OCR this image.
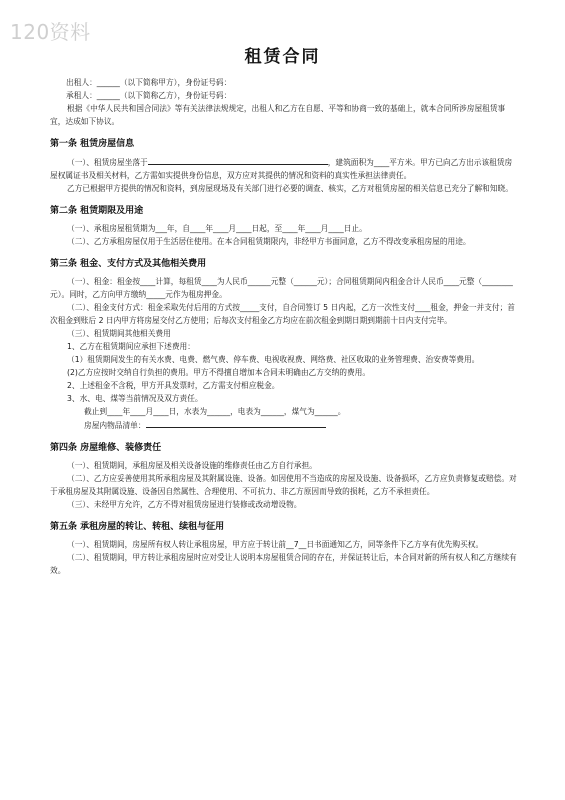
120资料
租赁合同

出租人：______（以下简称甲方），身份证号码：

承租人：______（以下简称乙方），身份证号码：

根据《中华人民共和国合同法》等有关法律法规规定，出租人和乙方在自愿、平等和协商一致的基础上，就本合同所涉房屋租赁事宜，达成如下协议。

第一条 租赁房屋信息

（一）、租赁房屋坐落于	，建筑面积为____平方米。甲方已向乙方出示该租赁房屋权属证书及相关材料，乙方需如实提供身份信息，双方应对其提供的情况和资料的真实性承担法律责任。

乙方已根据甲方提供的情况和资料，到房屋现场及有关部门进行必要的调查、核实，乙方对租赁房屋的相关信息已充分了解和知晓。

第二条 租赁期限及用途

（一）、承租房屋租赁期为___年，自____年____月____日起，至____年____月____日止。

（二）、乙方承租房屋仅用于生活居住使用。在本合同租赁期限内，非经甲方书面同意，乙方不得改变承租房屋的用途。

第三条 租金、支付方式及其他相关费用

（一）、租金：租金按____计算，每租赁____为人民币______元整（______元）；合同租赁期间内租金合计人民币____元整（________元）。同时，乙方向甲方缴纳_____元作为租房押金。

（二）、租金支付方式：租金采取先付后用的方式按_____支付，自合同签订 5 日内起，乙方一次性支付____租金，押金一并支付；首次租金到账后 2 日内甲方将房屋交付乙方使用；后每次支付租金乙方均应在前次租金到期日期到期前十日内支付完毕。

（三）、租赁期间其他相关费用

1、乙方在租赁期间应承担下述费用：

（1）租赁期间发生的有关水费、电费、燃气费、停车费、电视收视费、网络费、社区收取的业务管理费、治安费等费用。

(2)乙方应按时交纳自行负担的费用。甲方不得擅自增加本合同未明确由乙方交纳的费用。

2、上述租金不含税，甲方开具发票时，乙方需支付相应税金。

3、水、电、煤等当前情况及双方责任。

截止到____年____月____日，水表为______，电表为______，煤气为______。

房屋内物品清单：

第四条 房屋维修、装修责任

（一）、租赁期间，承租房屋及相关设备设施的维修责任由乙方自行承担。

（二）、乙方应妥善使用其所承租房屋及其附属设施、设备。如因使用不当造成的房屋及设施、设备损坏，乙方应负责修复或赔偿。对于承租房屋及其附属设施、设备因自然属性、合理使用、不可抗力、非乙方原因而导致的损耗，乙方不承担责任。

（三）、未经甲方允许，乙方不得对租赁房屋进行装修或改动增设物。

第五条 承租房屋的转让、转租、续租与征用

（一）、租赁期间，房屋所有权人转让承租房屋，甲方应于转让前__7__日书面通知乙方，同等条件下乙方享有优先购买权。

（二）、租赁期间，甲方转让承租房屋时应对受让人说明本房屋租赁合同的存在，并保证转让后，本合同对新的所有权人和乙方继续有效。
